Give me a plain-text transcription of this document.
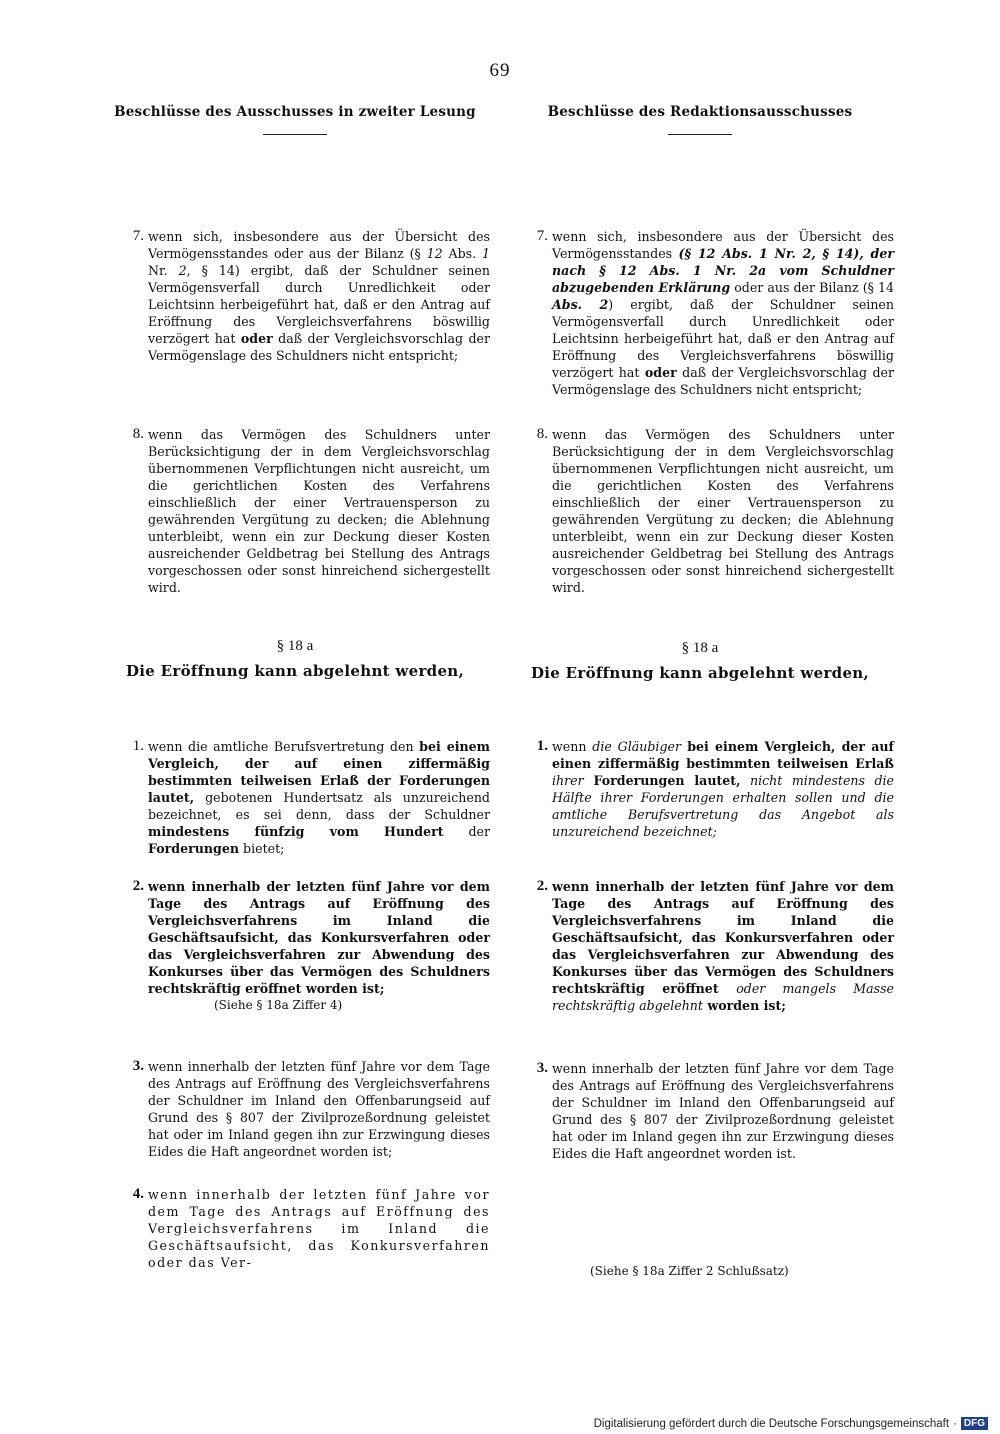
69
Beschlüsse des Ausschusses in zweiter Lesung	Beschlüsse des Redaktionsausschusses
7. wenn sich, insbesondere aus der Übersicht des Vermögensstandes oder aus der Bilanz (§ 12 Abs. 1 Nr. 2, § 14) ergibt, daß der Schuldner seinen Vermögensverfall durch Unredlichkeit oder Leichtsinn herbeigeführt hat, daß er den Antrag auf Eröffnung des Vergleichsverfahrens böswillig verzögert hat oder daß der Vergleichsvorschlag der Vermögenslage des Schuldners nicht entspricht;
8. wenn das Vermögen des Schuldners unter Berücksichtigung der in dem Vergleichsvorschlag übernommenen Verpflichtungen nicht ausreicht, um die gerichtlichen Kosten des Verfahrens einschließlich der einer Vertrauensperson zu gewährenden Vergütung zu decken; die Ablehnung unterbleibt, wenn ein zur Deckung dieser Kosten ausreichender Geldbetrag bei Stellung des Antrags vorgeschossen oder sonst hinreichend sichergestellt wird.
§ 18 a
Die Eröffnung kann abgelehnt werden,
1. wenn die amtliche Berufsvertretung den bei einem Vergleich, der auf einen ziffermäßig bestimmten teilweisen Erlaß der Forderungen lautet, gebotenen Hundertsatz als unzureichend bezeichnet, es sei denn, dass der Schuldner mindestens fünfzig vom Hundert der Forderungen bietet;
2. wenn innerhalb der letzten fünf Jahre vor dem Tage des Antrags auf Eröffnung des Vergleichsverfahrens im Inland die Geschäftsaufsicht, das Konkursverfahren oder das Vergleichsverfahren zur Abwendung des Konkurses über das Vermögen des Schuldners rechtskräftig eröffnet worden ist;
(Siehe § 18a Ziffer 4)
3. wenn innerhalb der letzten fünf Jahre vor dem Tage des Antrags auf Eröffnung des Vergleichsverfahrens der Schuldner im Inland den Offenbarungseid auf Grund des § 807 der Zivilprozeßordnung geleistet hat oder im Inland gegen ihn zur Erzwingung dieses Eides die Haft angeordnet worden ist;
4. wenn innerhalb der letzten fünf Jahre vor dem Tage des Antrags auf Eröffnung des Vergleichsverfahrens im Inland die Geschäftsaufsicht, das Konkursverfahren oder das Ver-
7. wenn sich, insbesondere aus der Übersicht des Vermögensstandes (§ 12 Abs. 1 Nr. 2, § 14), der nach § 12 Abs. 1 Nr. 2a vom Schuldner abzugebenden Erklärung oder aus der Bilanz (§ 14 Abs. 2) ergibt, daß der Schuldner seinen Vermögensverfall durch Unredlichkeit oder Leichtsinn herbeigeführt hat, daß er den Antrag auf Eröffnung des Vergleichsverfahrens böswillig verzögert hat oder daß der Vergleichsvorschlag der Vermögenslage des Schuldners nicht entspricht;
8. wenn das Vermögen des Schuldners unter Berücksichtigung der in dem Vergleichsvorschlag übernommenen Verpflichtungen nicht ausreicht, um die gerichtlichen Kosten des Verfahrens einschließlich der einer Vertrauensperson zu gewährenden Vergütung zu decken; die Ablehnung unterbleibt, wenn ein zur Deckung dieser Kosten ausreichender Geldbetrag bei Stellung des Antrags vorgeschossen oder sonst hinreichend sichergestellt wird.
§ 18 a
Die Eröffnung kann abgelehnt werden,
1. wenn die Gläubiger bei einem Vergleich, der auf einen ziffermäßig bestimmten teilweisen Erlaß ihrer Forderungen lautet, nicht mindestens die Hälfte ihrer Forderungen erhalten sollen und die amtliche Berufsvertretung das Angebot als unzureichend bezeichnet;
2. wenn innerhalb der letzten fünf Jahre vor dem Tage des Antrags auf Eröffnung des Vergleichsverfahrens im Inland die Geschäftsaufsicht, das Konkursverfahren oder das Vergleichsverfahren zur Abwendung des Konkurses über das Vermögen des Schuldners rechtskräftig eröffnet oder mangels Masse rechtskräftig abgelehnt worden ist;
3. wenn innerhalb der letzten fünf Jahre vor dem Tage des Antrags auf Eröffnung des Vergleichsverfahrens der Schuldner im Inland den Offenbarungseid auf Grund des § 807 der Zivilprozeßordnung geleistet hat oder im Inland gegen ihn zur Erzwingung dieses Eides die Haft angeordnet worden ist.
(Siehe § 18a Ziffer 2 Schlußsatz)
Digitalisierung gefördert durch die Deutsche Forschungsgemeinschaft · DFG
